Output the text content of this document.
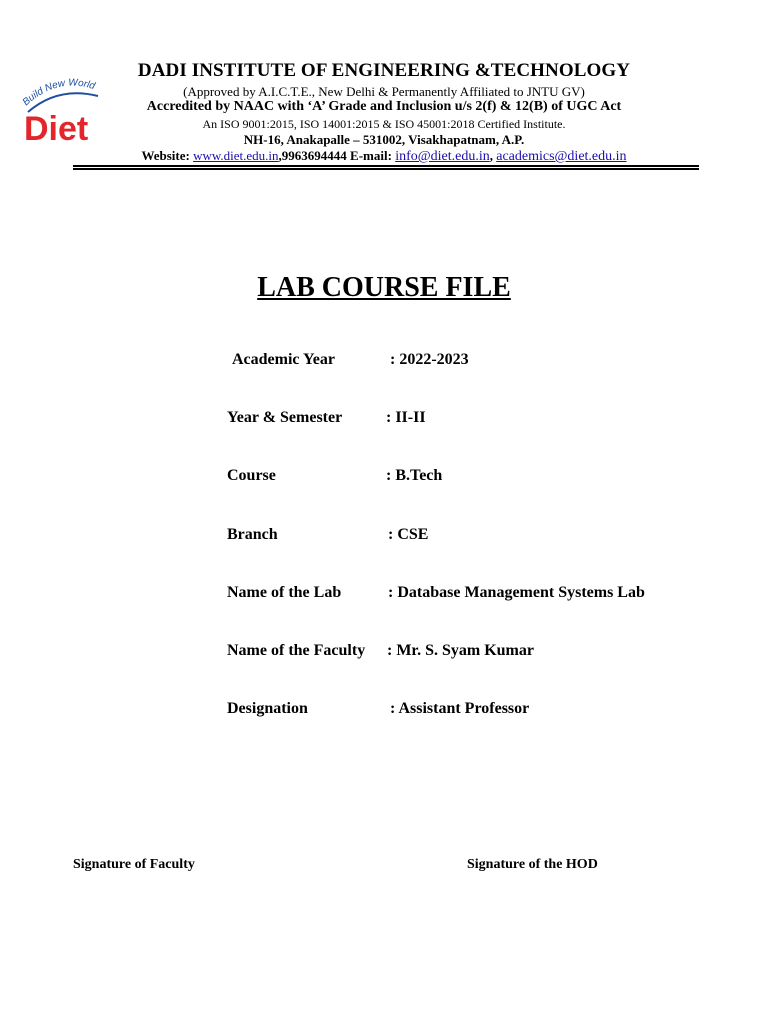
Build New World
Diet
DADI INSTITUTE OF ENGINEERING &TECHNOLOGY
(Approved by A.I.C.T.E., New Delhi & Permanently Affiliated to JNTU GV)
Accredited by NAAC with ‘A’ Grade and Inclusion u/s 2(f) & 12(B) of UGC Act
An ISO 9001:2015, ISO 14001:2015 & ISO 45001:2018 Certified Institute.
NH-16, Anakapalle – 531002, Visakhapatnam, A.P.
Website: www.diet.edu.in,9963694444 E-mail: info@diet.edu.in, academics@diet.edu.in
LAB COURSE FILE
Academic Year	: 2022-2023
Year & Semester	: II-II
Course	: B.Tech
Branch	: CSE
Name of the Lab	: Database Management Systems Lab
Name of the Faculty : Mr. S. Syam Kumar
Designation	: Assistant Professor
Signature of Faculty	Signature of the HOD
